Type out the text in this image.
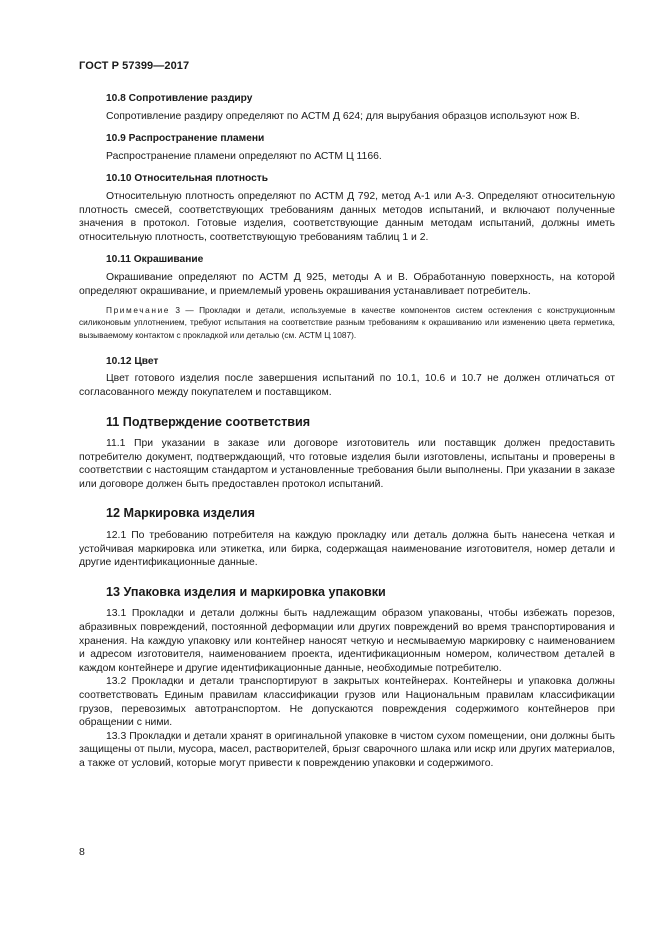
ГОСТ Р 57399—2017
10.8 Сопротивление раздиру

Сопротивление раздиру определяют по АСТМ Д 624; для вырубания образцов используют нож В.

10.9 Распространение пламени

Распространение пламени определяют по АСТМ Ц 1166.

10.10 Относительная плотность

Относительную плотность определяют по АСТМ Д 792, метод А-1 или А-3. Определяют относительную плотность смесей, соответствующих требованиям данных методов испытаний, и включают полученные значения в протокол. Готовые изделия, соответствующие данным методам испытаний, должны иметь относительную плотность, соответствующую требованиям таблиц 1 и 2.

10.11 Окрашивание

Окрашивание определяют по АСТМ Д 925, методы А и В. Обработанную поверхность, на которой определяют окрашивание, и приемлемый уровень окрашивания устанавливает потребитель.

Примечание 3 — Прокладки и детали, используемые в качестве компонентов систем остекления с конструкционным силиконовым уплотнением, требуют испытания на соответствие разным требованиям к окрашиванию или изменению цвета герметика, вызываемому контактом с прокладкой или деталью (см. АСТМ Ц 1087).

10.12 Цвет

Цвет готового изделия после завершения испытаний по 10.1, 10.6 и 10.7 не должен отличаться от согласованного между покупателем и поставщиком.

11 Подтверждение соответствия

11.1 При указании в заказе или договоре изготовитель или поставщик должен предоставить потребителю документ, подтверждающий, что готовые изделия были изготовлены, испытаны и проверены в соответствии с настоящим стандартом и установленные требования были выполнены. При указании в заказе или договоре должен быть предоставлен протокол испытаний.

12 Маркировка изделия

12.1 По требованию потребителя на каждую прокладку или деталь должна быть нанесена четкая и устойчивая маркировка или этикетка, или бирка, содержащая наименование изготовителя, номер детали и другие идентификационные данные.

13 Упаковка изделия и маркировка упаковки

13.1 Прокладки и детали должны быть надлежащим образом упакованы, чтобы избежать порезов, абразивных повреждений, постоянной деформации или других повреждений во время транспортирования и хранения. На каждую упаковку или контейнер наносят четкую и несмываемую маркировку с наименованием и адресом изготовителя, наименованием проекта, идентификационным номером, количеством деталей в каждом контейнере и другие идентификационные данные, необходимые потребителю.

13.2 Прокладки и детали транспортируют в закрытых контейнерах. Контейнеры и упаковка должны соответствовать Единым правилам классификации грузов или Национальным правилам классификации грузов, перевозимых автотранспортом. Не допускаются повреждения содержимого контейнеров при обращении с ними.

13.3 Прокладки и детали хранят в оригинальной упаковке в чистом сухом помещении, они должны быть защищены от пыли, мусора, масел, растворителей, брызг сварочного шлака или искр или других материалов, а также от условий, которые могут привести к повреждению упаковки и содержимого.

8
